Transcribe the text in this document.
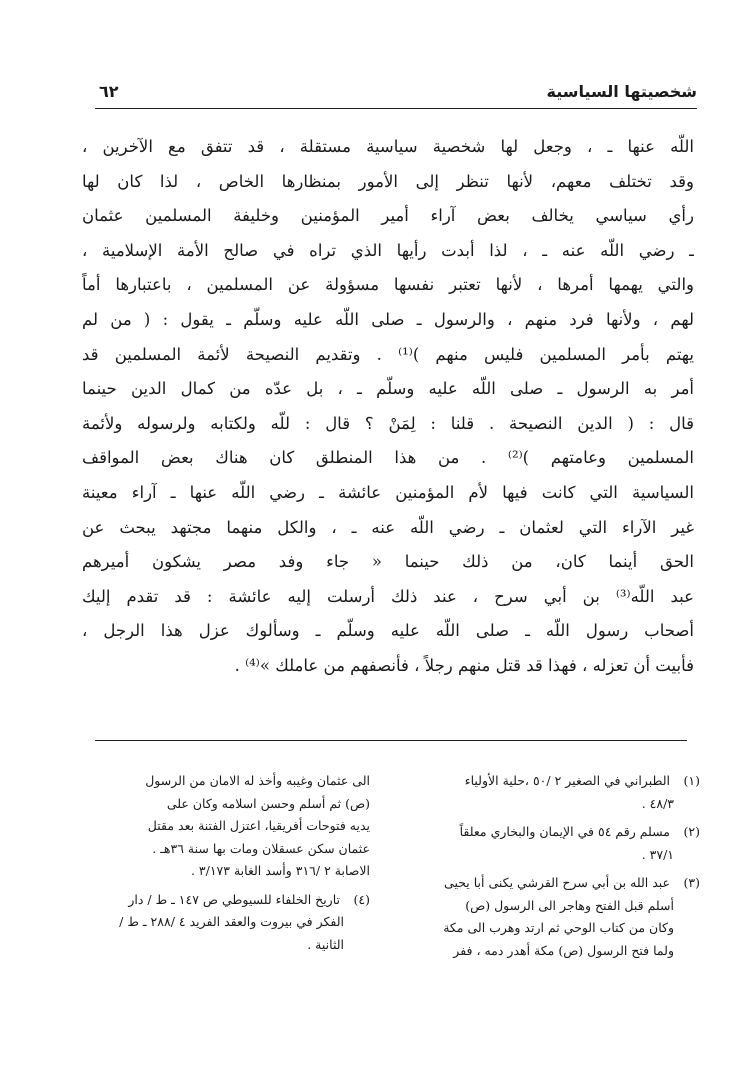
شخصيتها السياسية
٦٢
اللّه عنها ـ ، وجعل لها شخصية سياسية مستقلة ، قد تتفق مع الآخرين ،
وقد تختلف معهم، لأنها تنظر إلى الأمور بمنظارها الخاص ، لذا كان لها
رأي سياسي يخالف بعض آراء أمير المؤمنين وخليفة المسلمين عثمان
ـ رضي اللّه عنه ـ ، لذا أبدت رأيها الذي تراه في صالح الأمة الإسلامية ،
والتي يهمها أمرها ، لأنها تعتبر نفسها مسؤولة عن المسلمين ، باعتبارها أماً
لهم ، ولأنها فرد منهم ، والرسول ـ صلى اللّه عليه وسلّم ـ يقول : ( من لم
يهتم بأمر المسلمين فليس منهم )⁽¹⁾ . وتقديم النصيحة لأئمة المسلمين قد
أمر به الرسول ـ صلى اللّه عليه وسلّم ـ ، بل عدّه من كمال الدين حينما
قال : ( الدين النصيحة . قلنا : لِمَنْ ؟ قال : للّه ولكتابه ولرسوله ولأئمة
المسلمين وعامتهم )⁽²⁾ . من هذا المنطلق كان هناك بعض المواقف
السياسية التي كانت فيها لأم المؤمنين عائشة ـ رضي اللّه عنها ـ آراء معينة
غير الآراء التي لعثمان ـ رضي اللّه عنه ـ ، والكل منهما مجتهد يبحث عن
الحق أينما كان، من ذلك حينما « جاء وفد مصر يشكون أميرهم
عبد اللّه⁽³⁾ بن أبي سرح ، عند ذلك أرسلت إليه عائشة : قد تقدم إليك
أصحاب رسول اللّه ـ صلى اللّه عليه وسلّم ـ وسألوك عزل هذا الرجل ،
فأبيت أن تعزله ، فهذا قد قتل منهم رجلاً ، فأنصفهم من عاملك »⁽⁴⁾ .
(١) الطبراني في الصغير ٢ /٥٠ ،حلية الأولياء
٤٨/٣ .
(٢) مسلم رقم ٥٤ في الإيمان والبخاري معلقاً
٣٧/١ .
(٣) عبد الله بن أبي سرح القرشي يكنى أبا يحيى
أسلم قبل الفتح وهاجر الى الرسول (ص)
وكان من كتاب الوحي ثم ارتد وهرب الى مكة
ولما فتح الرسول (ص) مكة أهدر دمه ، ففر
الى عثمان وغيبه وأخذ له الامان من الرسول
(ص) ثم أسلم وحسن اسلامه وكان على
يديه فتوحات أفريقيا، اعتزل الفتنة بعد مقتل
عثمان سكن عسقلان ومات بها سنة ٣٦هـ .
الاصابة ٢ /٣١٦ وأسد الغابة ٣/١٧٣ .
(٤) تاريخ الخلفاء للسيوطي ص ١٤٧ ـ ط / دار
الفكر في بيروت والعقد الفريد ٤ /٢٨٨ ـ ط /
الثانية .
